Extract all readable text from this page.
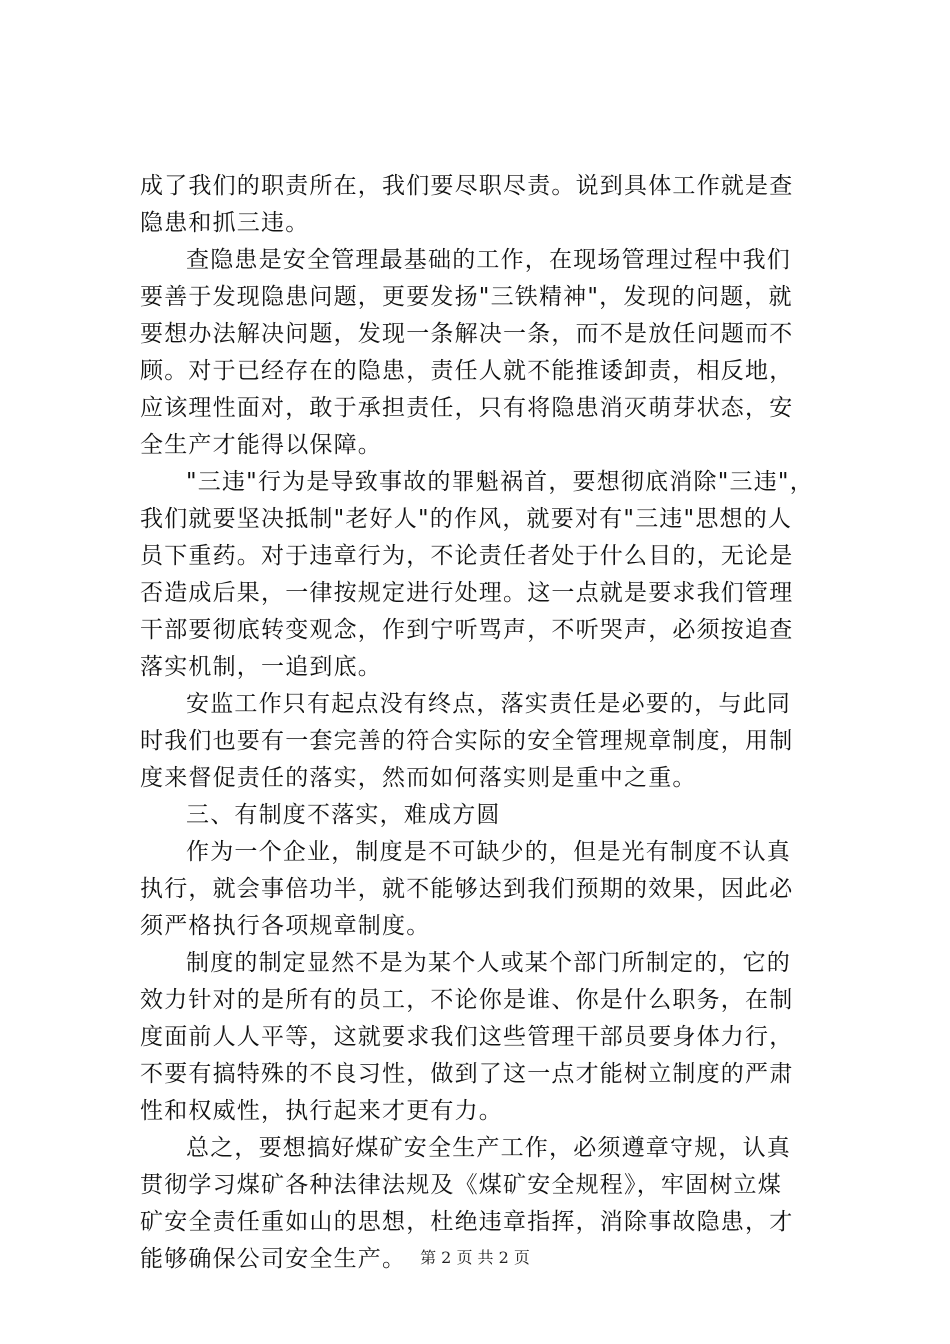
成了我们的职责所在，我们要尽职尽责。说到具体工作就是查
隐患和抓三违。
查隐患是安全管理最基础的工作，在现场管理过程中我们
要善于发现隐患问题，更要发扬"三铁精神"，发现的问题，就
要想办法解决问题，发现一条解决一条，而不是放任问题而不
顾。对于已经存在的隐患，责任人就不能推诿卸责，相反地，
应该理性面对，敢于承担责任，只有将隐患消灭萌芽状态，安
全生产才能得以保障。
"三违"行为是导致事故的罪魁祸首，要想彻底消除"三违"，
我们就要坚决抵制"老好人"的作风，就要对有"三违"思想的人
员下重药。对于违章行为，不论责任者处于什么目的，无论是
否造成后果，一律按规定进行处理。这一点就是要求我们管理
干部要彻底转变观念，作到宁听骂声，不听哭声，必须按追查
落实机制，一追到底。
安监工作只有起点没有终点，落实责任是必要的，与此同
时我们也要有一套完善的符合实际的安全管理规章制度，用制
度来督促责任的落实，然而如何落实则是重中之重。
三、有制度不落实，难成方圆
作为一个企业，制度是不可缺少的，但是光有制度不认真
执行，就会事倍功半，就不能够达到我们预期的效果，因此必
须严格执行各项规章制度。
制度的制定显然不是为某个人或某个部门所制定的，它的
效力针对的是所有的员工，不论你是谁、你是什么职务，在制
度面前人人平等，这就要求我们这些管理干部员要身体力行，
不要有搞特殊的不良习性，做到了这一点才能树立制度的严肃
性和权威性，执行起来才更有力。
总之，要想搞好煤矿安全生产工作，必须遵章守规，认真
贯彻学习煤矿各种法律法规及《煤矿安全规程》，牢固树立煤
矿安全责任重如山的思想，杜绝违章指挥，消除事故隐患，才
能够确保公司安全生产。 第 2 页 共 2 页
